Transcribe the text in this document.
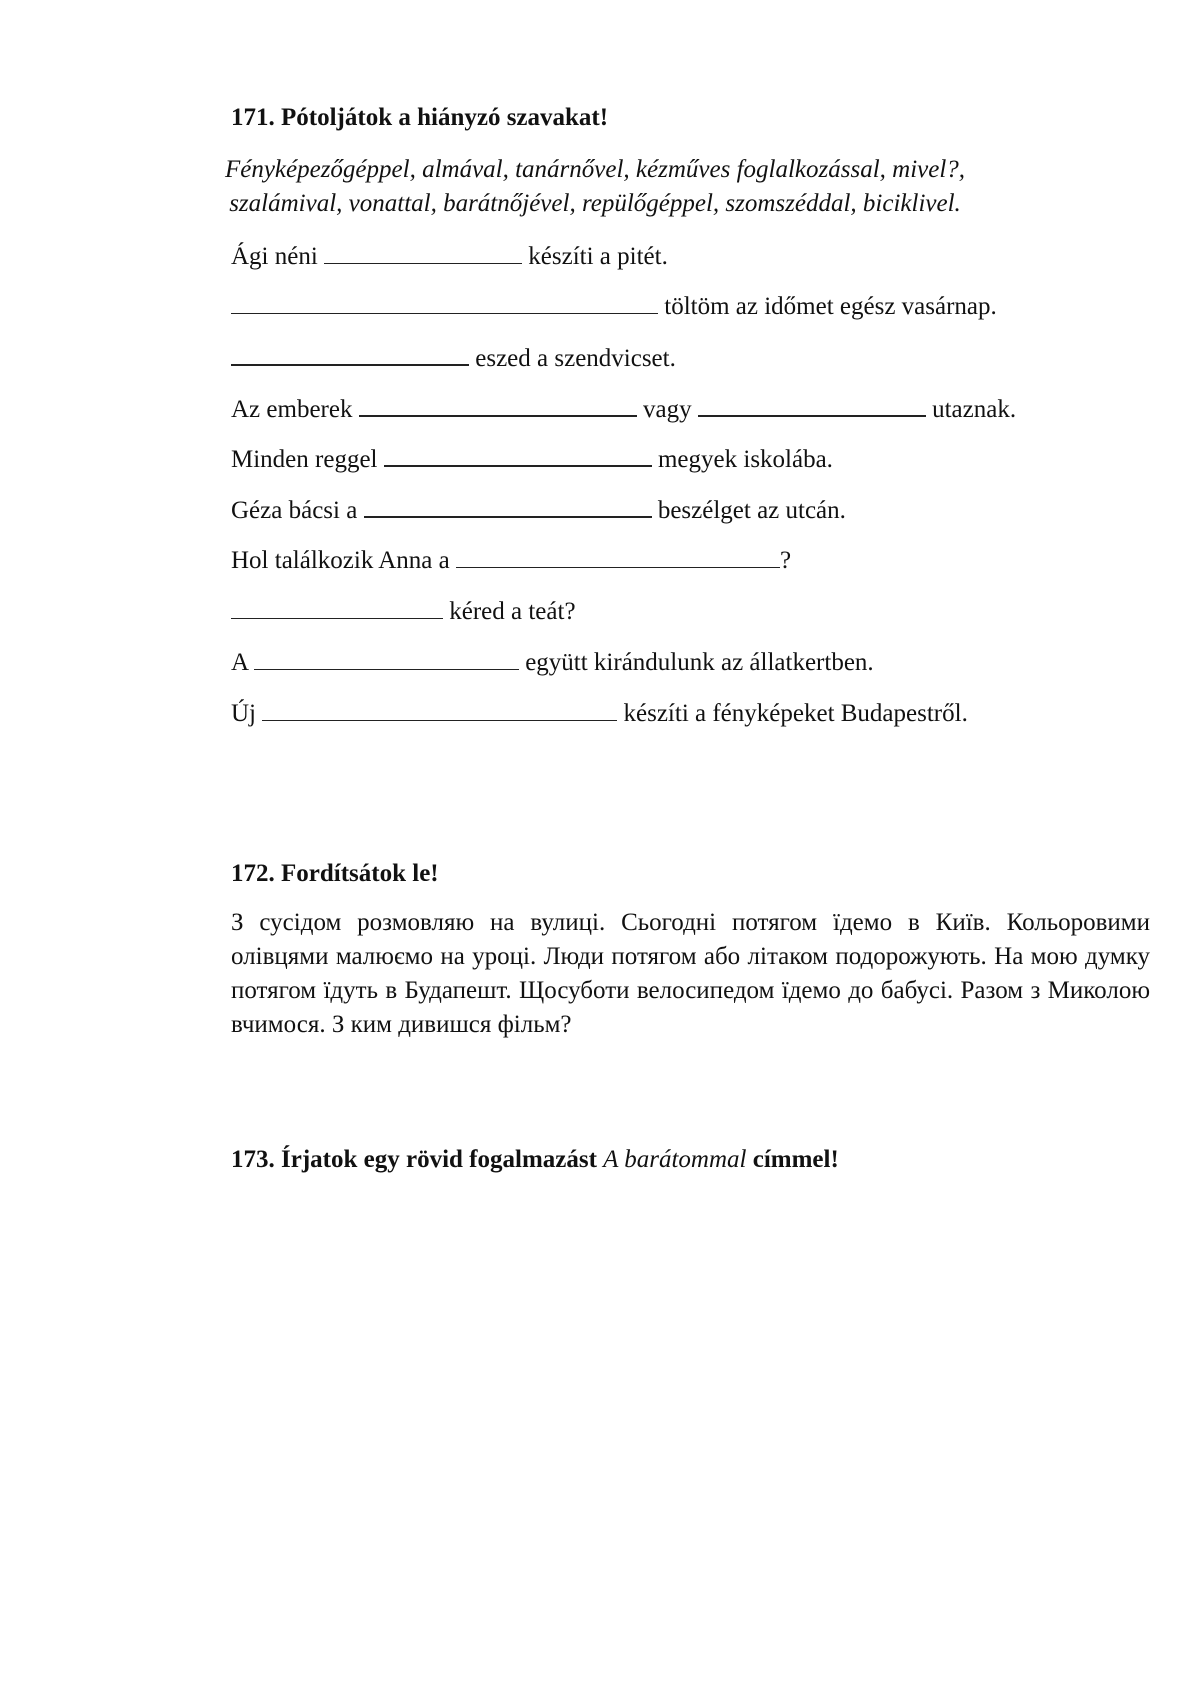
171. Pótoljátok a hiányzó szavakat!
Fényképezőgéppel, almával, tanárnővel, kézműves foglalkozással, mivel?,
szalámival, vonattal, barátnőjével, repülőgéppel, szomszéddal, biciklivel.

Ági néni	készíti a pitét.

töltöm az időmet egész vasárnap.

eszed a szendvicset.

Az emberek	vagy	utaznak.

Minden reggel	megyek iskolába.

Géza bácsi a	beszélget az utcán.

Hol találkozik Anna a	?

kéred a teát?

A	együtt kirándulunk az állatkertben.

Új	készíti a fényképeket Budapestről.

172. Fordítsátok le!

З сусідом розмовляю на вулиці. Сьогодні потягом їдемо в Київ. Кольоровими олівцями малюємо на уроці. Люди потягом або літаком подорожують. На мою думку потягом їдуть в Будапешт. Щосуботи велосипедом їдемо до бабусі. Разом з Миколою вчимося. З ким дивишся фільм?

173. Írjatok egy rövid fogalmazást A barátommal címmel!
